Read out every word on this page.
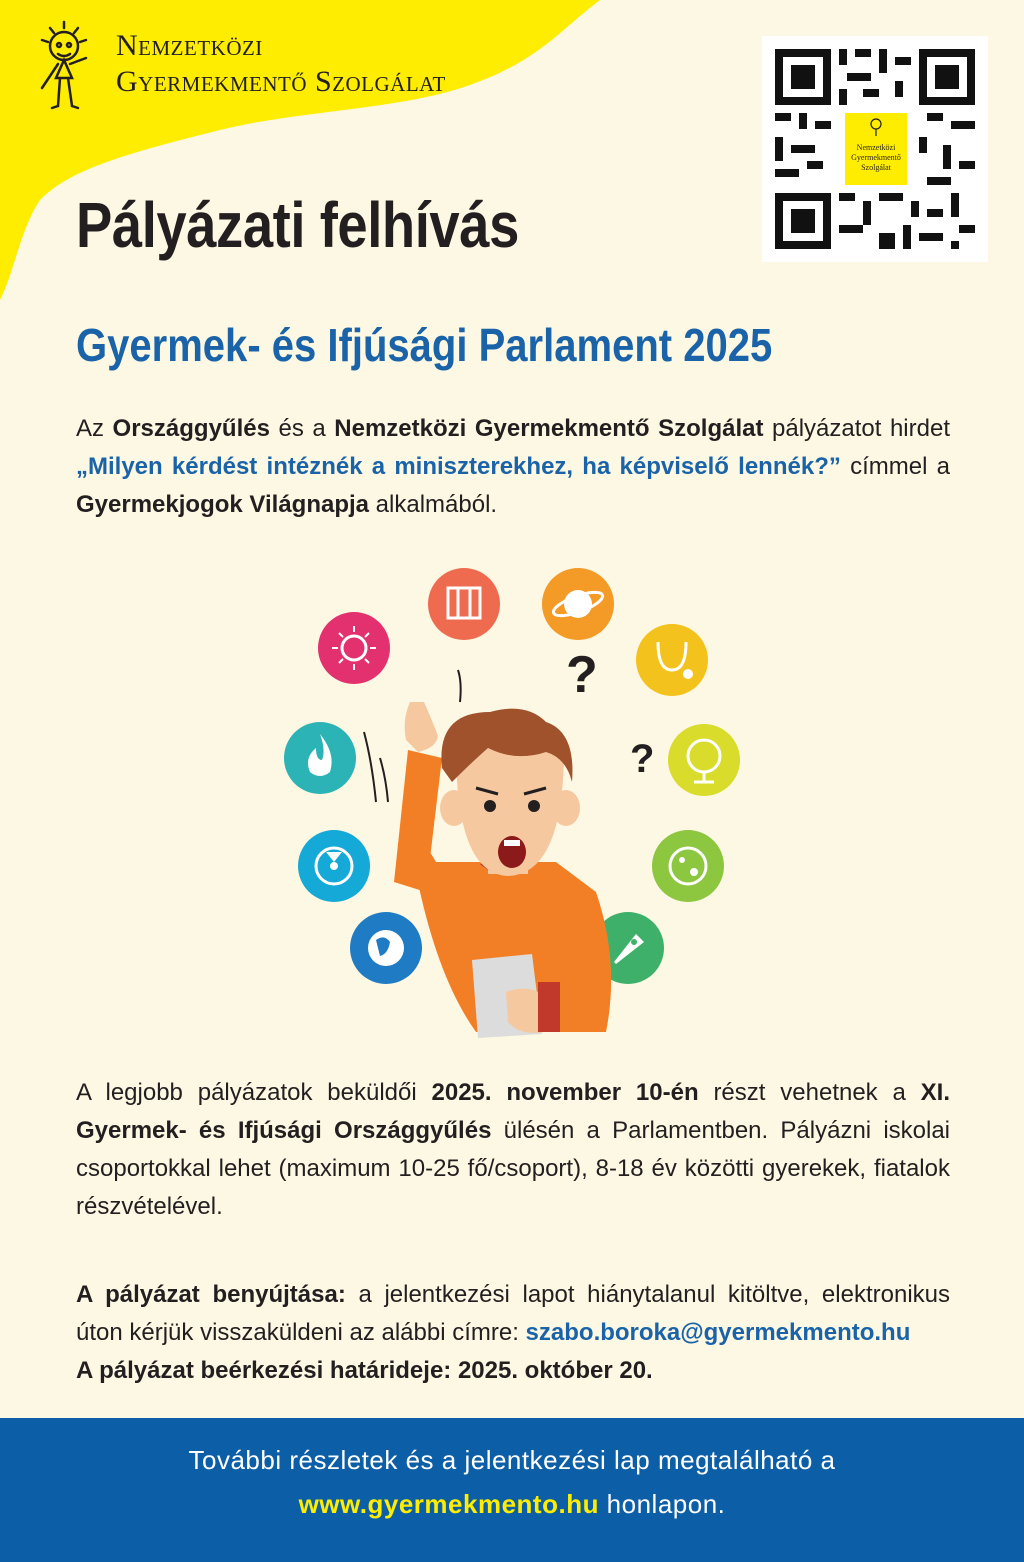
Nemzetközi
Gyermekmentő Szolgálat
Nemzetközi
Gyermekmentő
Szolgálat
Pályázati felhívás
Gyermek- és Ifjúsági Parlament 2025
Az Országgyűlés és a Nemzetközi Gyermekmentő Szolgálat pályázatot hirdet „Milyen kérdést intéznék a miniszterekhez, ha képviselő lennék?” címmel a Gyermekjogok Világnapja alkalmából.
?
?
A legjobb pályázatok beküldői 2025. november 10-én részt vehetnek a XI. Gyermek- és Ifjúsági Országgyűlés ülésén a Parlamentben. Pályázni iskolai csoportokkal lehet (maximum 10-25 fő/csoport), 8-18 év közötti gyerekek, fiatalok részvételével.
A pályázat benyújtása: a jelentkezési lapot hiánytalanul kitöltve, elektronikus úton kérjük visszaküldeni az alábbi címre: szabo.boroka@gyermekmento.hu
A pályázat beérkezési határideje: 2025. október 20.
További részletek és a jelentkezési lap megtalálható a
www.gyermekmento.hu honlapon.
